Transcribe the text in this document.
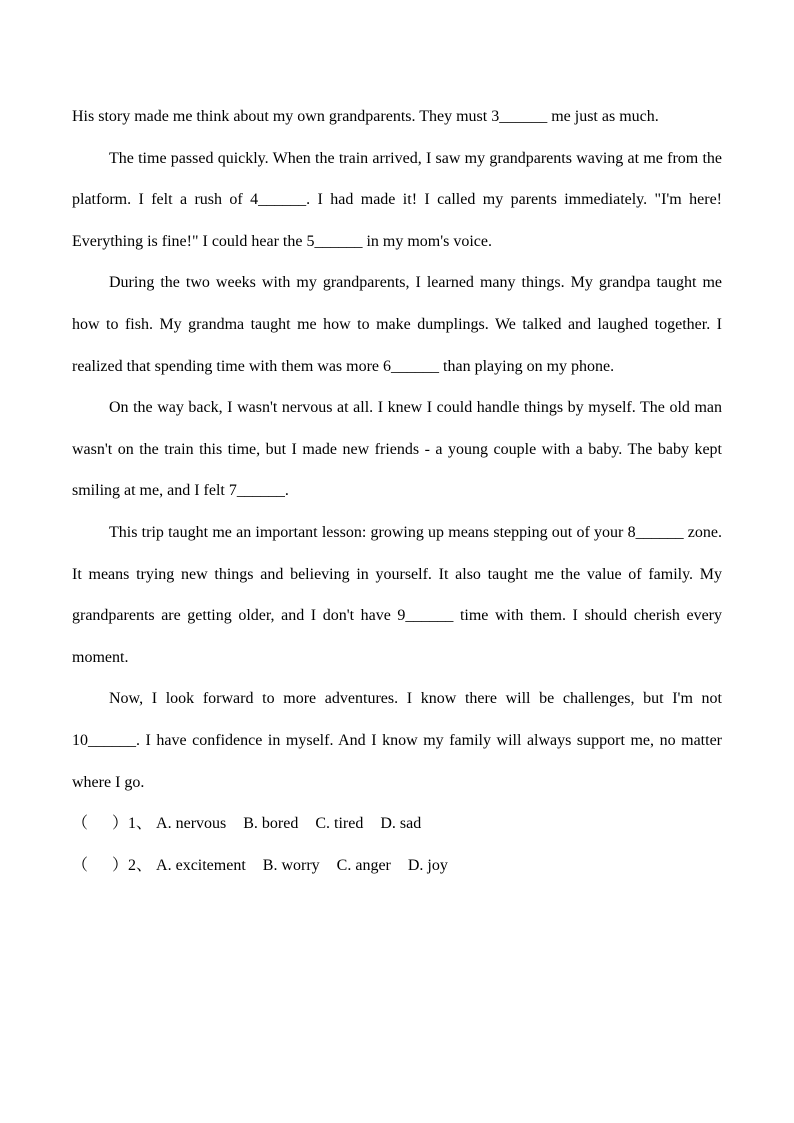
His story made me think about my own grandparents. They must 3______ me just as much.

The time passed quickly. When the train arrived, I saw my grandparents waving at me from the platform. I felt a rush of 4______. I had made it! I called my parents immediately. "I'm here! Everything is fine!" I could hear the 5______ in my mom's voice.

During the two weeks with my grandparents, I learned many things. My grandpa taught me how to fish. My grandma taught me how to make dumplings. We talked and laughed together. I realized that spending time with them was more 6______ than playing on my phone.

On the way back, I wasn't nervous at all. I knew I could handle things by myself. The old man wasn't on the train this time, but I made new friends - a young couple with a baby. The baby kept smiling at me, and I felt 7______.

This trip taught me an important lesson: growing up means stepping out of your 8______ zone. It means trying new things and believing in yourself. It also taught me the value of family. My grandparents are getting older, and I don't have 9______ time with them. I should cherish every moment.

Now, I look forward to more adventures. I know there will be challenges, but I'm not 10______. I have confidence in myself. And I know my family will always support me, no matter where I go.

（      ）1、 A. nervous B. bored C. tired D. sad
（      ）2、 A. excitement B. worry C. anger D. joy
